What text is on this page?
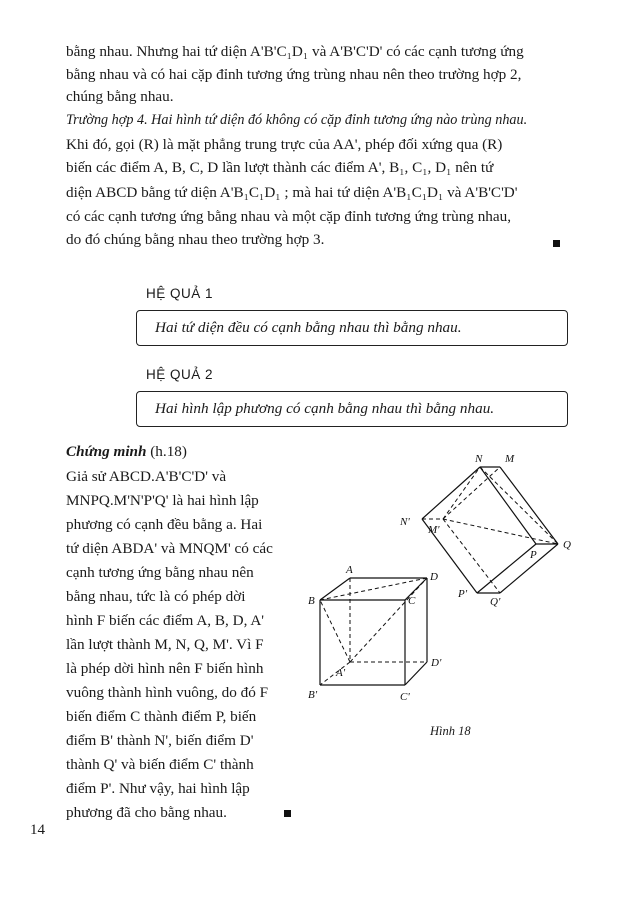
bằng nhau. Nhưng hai tứ diện A'B'C₁D₁ và A'B'C'D' có các cạnh tương ứng
bằng nhau và có hai cặp đỉnh tương ứng trùng nhau nên theo trường hợp 2,
chúng bằng nhau.
Trường hợp 4. Hai hình tứ diện đó không có cặp đỉnh tương ứng nào trùng nhau.
Khi đó, gọi (R) là mặt phẳng trung trực của AA', phép đối xứng qua (R)
biến các điểm A, B, C, D lần lượt thành các điểm A', B₁, C₁, D₁ nên tứ
diện ABCD bằng tứ diện A'B₁C₁D₁ ; mà hai tứ diện A'B₁C₁D₁ và A'B'C'D'
có các cạnh tương ứng bằng nhau và một cặp đỉnh tương ứng trùng nhau,
do đó chúng bằng nhau theo trường hợp 3.
HỆ QUẢ 1
Hai tứ diện đều có cạnh bằng nhau thì bằng nhau.
HỆ QUẢ 2
Hai hình lập phương có cạnh bằng nhau thì bằng nhau.
Chứng minh (h.18)
Giả sử ABCD.A'B'C'D' và
MNPQ.M'N'P'Q' là hai hình lập
phương có cạnh đều bằng a. Hai
tứ diện ABDA' và MNQM' có các
cạnh tương ứng bằng nhau nên
bằng nhau, tức là có phép dời
hình F biến các điểm A, B, D, A'
lần lượt thành M, N, Q, M'. Vì F
là phép dời hình nên F biến hình
vuông thành hình vuông, do đó F
biến điểm C thành điểm P, biến
điểm B' thành N', biến điểm D'
thành Q' và biến điểm C' thành
điểm P'. Như vậy, hai hình lập
phương đã cho bằng nhau.
N M
N'
M'
P
Q
P'
Q'
A
B	C
D
A'
B'	C'
D'
Hình 18
14
